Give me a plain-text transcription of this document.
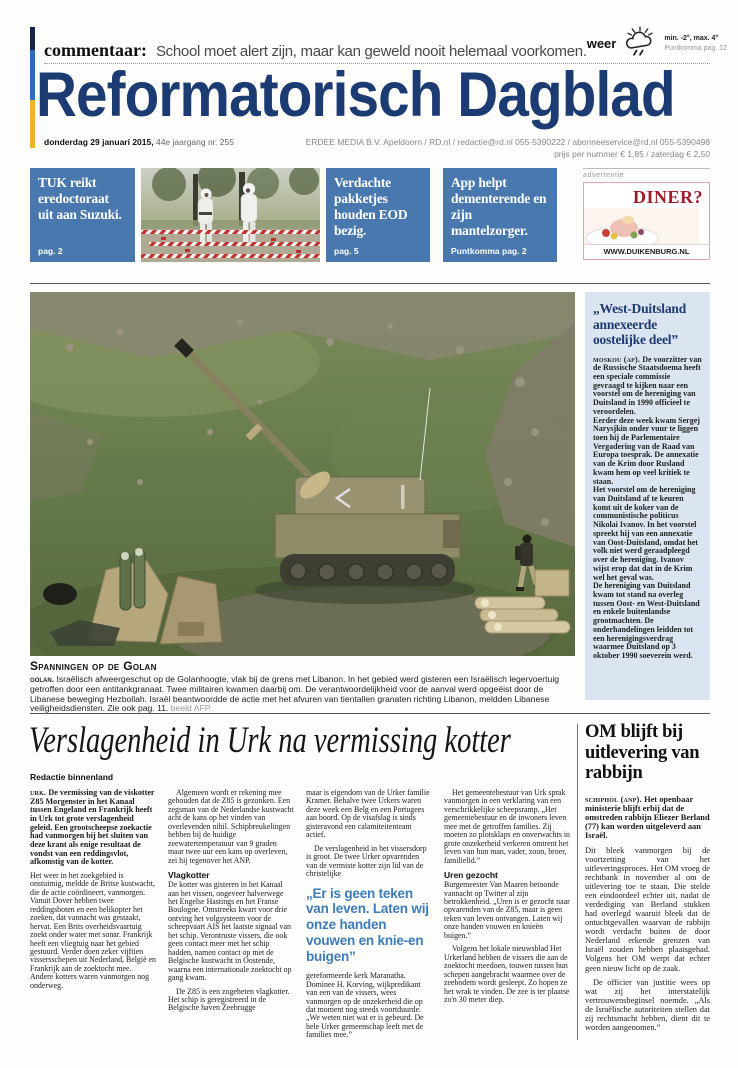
commentaar: School moet alert zijn, maar kan geweld nooit helemaal voorkomen. weer	min. -2°, max. 4°
Puntkomma pag. 12
Reformatorisch Dagblad
donderdag 29 januari 2015, 44e jaargang nr. 255	ERDEE MEDIA B.V. Apeldoorn / RD.nl / redactie@rd.nl 055-5390222 / abonneeservice@rd.nl 055-5390498
prijs per nummer € 1,85 / zaterdag € 2,50
TUK reikt eredoctoraat uit aan Suzuki.
pag. 2
Verdachte pakketjes houden EOD bezig.
pag. 5
App helpt dementerende en zijn mantelzorger.
Puntkomma pag. 2
advertentie
DINER?
WWW.DUIKENBURG.NL
„West-Duitsland annexeerde oostelijke deel”

moskou (ap). De voorzitter van de Russische Staatsdoema heeft een speciale commissie gevraagd te kijken naar een voorstel om de hereniging van Duitsland in 1990 officieel te veroordelen.

Eerder deze week kwam Sergej Narysjkin onder vuur te liggen toen hij de Parlementaire Vergadering van de Raad van Europa toesprak. De annexatie van de Krim door Rusland kwam hem op veel kritiek te staan.

Het voorstel om de hereniging van Duitsland af te keuren komt uit de koker van de communistische politicus Nikolai Ivanov. In het voorstel spreekt hij van een annexatie van Oost-Duitsland, omdat het volk niet werd geraadpleegd over de hereniging. Ivanov wijst erop dat dat in de Krim wel het geval was.

De hereniging van Duitsland kwam tot stand na overleg tussen Oost- en West-Duitsland en enkele buitenlandse grootmachten. De onderhandelingen leidden tot een herenigingsverdrag waarmee Duitsland op 3 oktober 1990 soeverein werd.

Spanningen op de Golan
golan. Israëlisch afweergeschut op de Golanhoogte, vlak bij de grens met Libanon. In het gebied werd gisteren een Israëlisch legervoertuig getroffen door een antitankgranaat. Twee militairen kwamen daarbij om. De verantwoordelijkheid voor de aanval werd opgeëist door de Libanese beweging Hezbollah. Israël beantwoordde de actie met het afvuren van tientallen granaten richting Libanon, meldden Libanese veiligheidsdiensten. Zie ook pag. 11. beeld AFP
Verslagenheid in Urk na vermissing kotter
Redactie binnenland

urk. De vermissing van de viskotter Z85 Morgenster in het Kanaal tussen Engeland en Frankrijk heeft in Urk tot grote verslagenheid geleid. Een grootscheepse zoekactie had vanmorgen bij het sluiten van deze krant als enige resultaat de vondst van een reddingsvlot, afkomstig van de kotter.

Het weer in het zoekgebied is onstuimig, meldde de Britse kustwacht, die de actie coördineert, vanmorgen. Vanuit Dover hebben twee reddingsboten en een helikopter het zoeken, dat vannacht was gestaakt, hervat. Een Brits overheidsvaartuig zoekt onder water met sonar. Frankrijk heeft een vliegtuig naar het gebied gestuurd. Verder doen zeker vijftien vissersschepen uit Nederland, België en Frankrijk aan de zoektocht mee. Andere kotters waren vanmorgen nog onderweg.

Algemeen wordt er rekening mee gehouden dat de Z85 is gezonken. Een zegsman van de Nederlandse kustwacht acht de kans op het vinden van overlevenden nihil. Schipbreukelingen hebben bij de huidige zeewatertemperatuur van 9 graden maar twee uur een kans op overleven, zei hij tegenover het ANP.

Vlagkotter

De kotter was gisteren in het Kanaal aan het vissen, ongeveer halverwege het Engelse Hastings en het Franse Boulogne. Omstreeks kwart voor drie ontving het volgsysteem voor de scheepvaart AIS het laatste signaal van het schip. Verontruste vissers, die ook geen contact meer met het schip hadden, namen contact op met de Belgische kustwacht in Oostende, waarna een internationale zoektocht op gang kwam.

De Z85 is een zogeheten vlagkotter. Het schip is geregistreerd in de Belgische haven Zeebrugge

maar is eigendom van de Urker familie Kramer. Behalve twee Urkers waren deze week een Belg en een Portugees aan boord. Op de visafslag is sinds gisteravond een calamiteitenteam actief.

De verslagenheid in het vissersdorp is groot. De twee Urker opvarenden van de vermiste kotter zijn lid van de christelijke

„Er is geen teken van leven. Laten wij onze handen vouwen en knie-en buigen”

gereformeerde kerk Maranatha. Dominee H. Korving, wijkpredikant van een van de vissers, wees vanmorgen op de onzekerheid die op dat moment nog steeds voortduurde. „We weten niet wat er is gebeurd. De hele Urker gemeenschap leeft met de families mee.”

Het gemeentebestuur van Urk sprak vanmorgen in een verklaring van een verschrikkelijke scheepsramp. „Het gemeentebestuur en de inwoners leven mee met de getroffen families. Zij moeten zo plotsklaps en onverwachts in grote onzekerheid verkeren omtrent het leven van hun man, vader, zoon, broer, familielid.”

Uren gezocht

Burgemeester Van Maaren betoonde vannacht op Twitter al zijn betrokkenheid. „Uren is er gezocht naar opvarenden van de Z85, maar is geen teken van leven ontvangen. Laten wij onze handen vouwen en knieën buigen.”

Volgens het lokale nieuwsblad Het Urkerland hebben de vissers die aan de zoektocht meedoen, touwen tussen hun schepen aangebracht waarmee over de zeebodem wordt gesleept. Zo hopen ze het wrak te vinden. De zee is ter plaatse zo'n 30 meter diep.

OM blijft bij uitlevering van rabbijn

schiphol (anp). Het openbaar ministerie blijft erbij dat de omstreden rabbijn Eliezer Berland (77) kan worden uitgeleverd aan Israël.

Dit bleek vanmorgen bij de voortzetting van het uitleveringsproces. Het OM vroeg de rechtbank in november al om de uitlevering toe te staan. Die stelde een eindoordeel echter uit, nadat de verdediging van Berland stukken had overlegd waaruit bleek dat de ontuchtgevallen waarvan de rabbijn wordt verdacht buiten de door Nederland erkende grenzen van Israël zouden hebben plaatsgehad. Volgens het OM werpt dat echter geen nieuw licht op de zaak.

De officier van justitie wees op wat zij het interstatelijk vertrouwensbeginsel noemde. „Als de Israëlische autoriteiten stellen dat zij rechtsmacht hebben, dient dit te worden aangenomen.”
